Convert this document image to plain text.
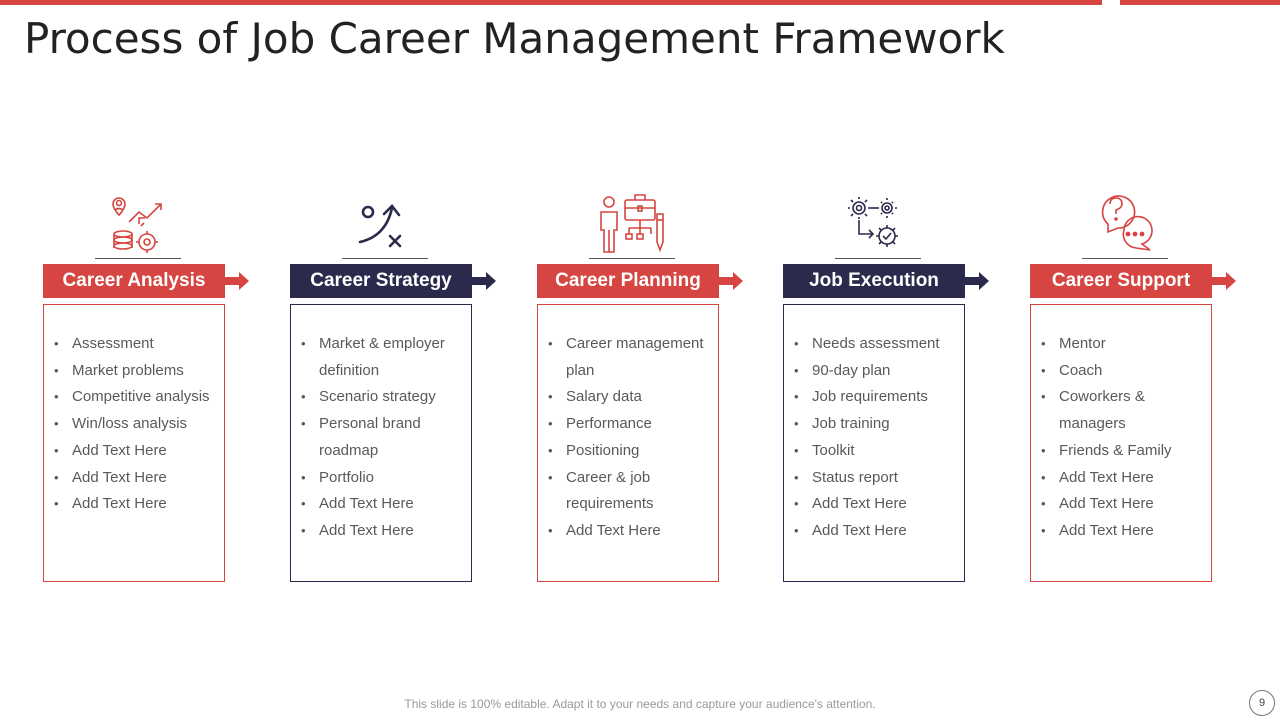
Process of Job Career Management Framework
Career Analysis
• Assessment
• Market problems
• Competitive analysis
• Win/loss analysis
• Add Text Here
• Add Text Here
• Add Text Here
Career Strategy
• Market & employer definition
• Scenario strategy
• Personal brand roadmap
• Portfolio
• Add Text Here
• Add Text Here
Career Planning
• Career management plan
• Salary data
• Performance
• Positioning
• Career & job requirements
• Add Text Here
Job Execution
• Needs assessment
• 90-day plan
• Job requirements
• Job training
• Toolkit
• Status report
• Add Text Here
• Add Text Here
Career Support
• Mentor
• Coach
• Coworkers & managers
• Friends & Family
• Add Text Here
• Add Text Here
• Add Text Here
This slide is 100% editable. Adapt it to your needs and capture your audience's attention.	9
